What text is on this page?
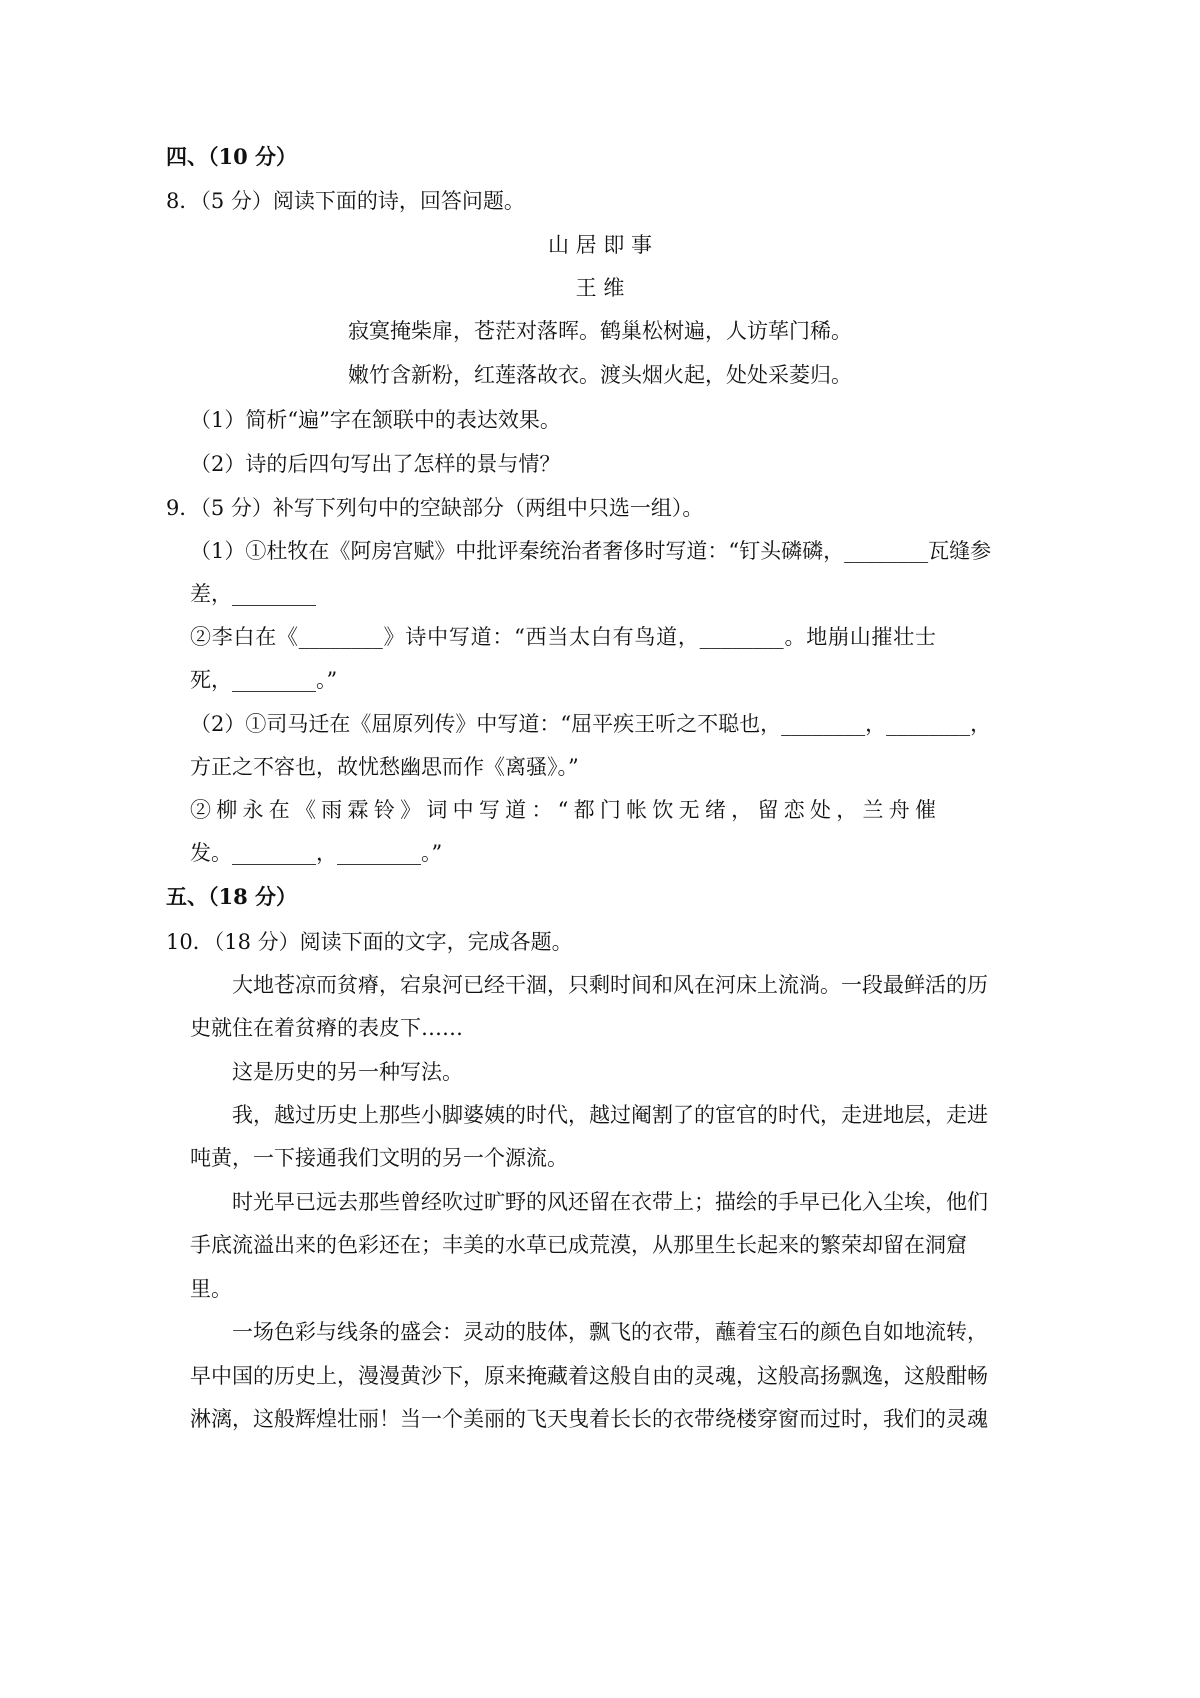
四、（10 分）
8．（5 分）阅读下面的诗，回答问题。
山 居 即 事
王 维
寂寞掩柴扉，苍茫对落晖。鹤巢松树遍，人访荜门稀。
嫩竹含新粉，红莲落故衣。渡头烟火起，处处采菱归。
（1）简析“遍”字在颔联中的表达效果。
（2）诗的后四句写出了怎样的景与情？
9．（5 分）补写下列句中的空缺部分（两组中只选一组）。
（1）①杜牧在《阿房宫赋》中批评秦统治者奢侈时写道：“钉头磷磷，________瓦缝参
差，________
②李白在《________》诗中写道：“西当太白有鸟道，________。地崩山摧壮士
死，________。”
（2）①司马迁在《屈原列传》中写道：“屈平疾王听之不聪也，________，________，
方正之不容也，故忧愁幽思而作《离骚》。”
②柳永在《雨霖铃》词中写道：“都门帐饮无绪，留恋处，兰舟催
发。________，________。”
五、（18 分）
10．（18 分）阅读下面的文字，完成各题。
大地苍凉而贫瘠，宕泉河已经干涸，只剩时间和风在河床上流淌。一段最鲜活的历
史就住在着贫瘠的表皮下……
这是历史的另一种写法。
我，越过历史上那些小脚婆姨的时代，越过阉割了的宦官的时代，走进地层，走进
吨黄，一下接通我们文明的另一个源流。
时光早已远去那些曾经吹过旷野的风还留在衣带上；描绘的手早已化入尘埃，他们
手底流溢出来的色彩还在；丰美的水草已成荒漠，从那里生长起来的繁荣却留在洞窟
里。
一场色彩与线条的盛会：灵动的肢体，飘飞的衣带，蘸着宝石的颜色自如地流转，
早中国的历史上，漫漫黄沙下，原来掩藏着这般自由的灵魂，这般高扬飘逸，这般酣畅
淋漓，这般辉煌壮丽！当一个美丽的飞天曳着长长的衣带绕楼穿窗而过时，我们的灵魂
